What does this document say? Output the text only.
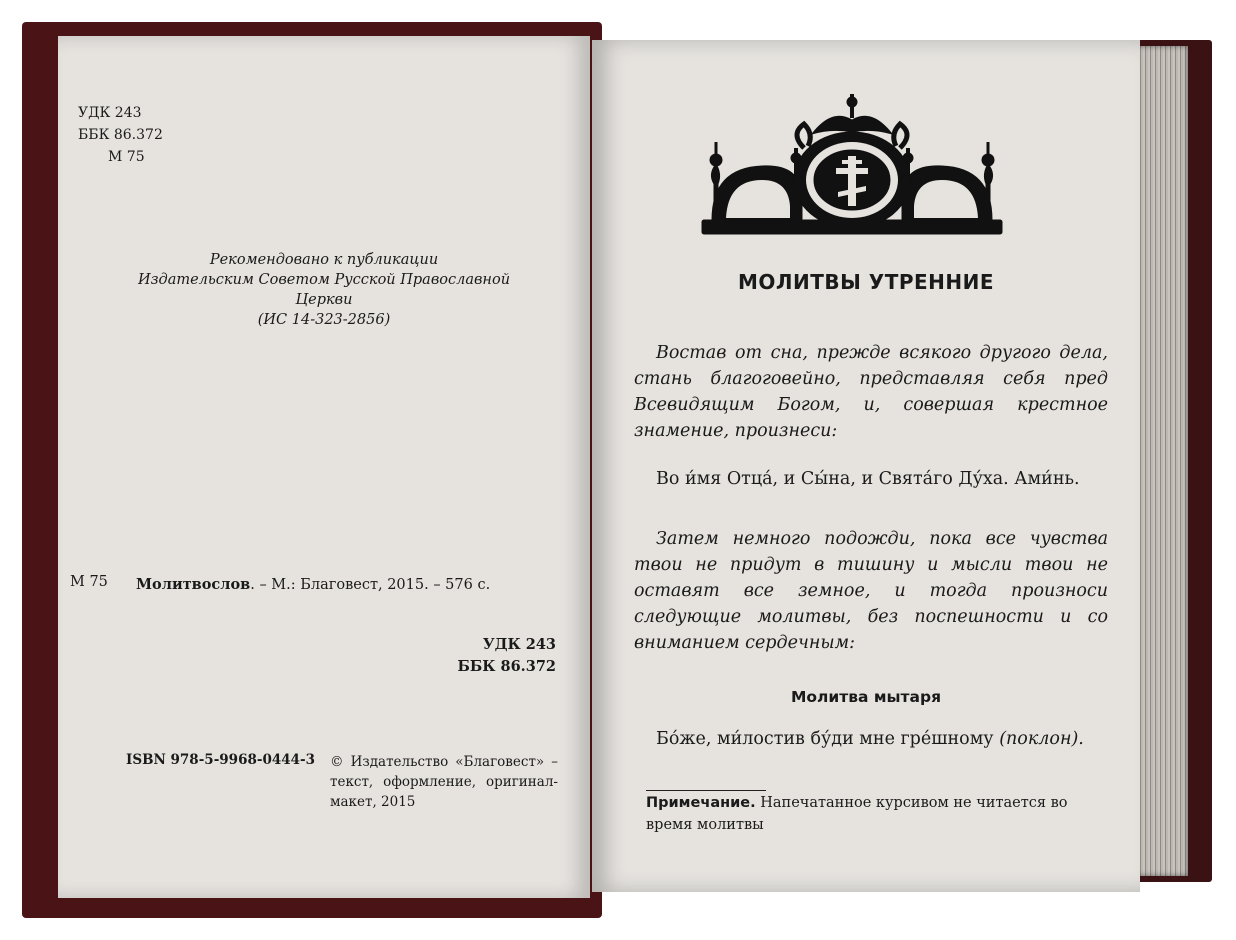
УДК 243
ББК 86.372
М 75
Рекомендовано к публикации
Издательским Советом Русской Православной Церкви
(ИС 14-323-2856)
М 75 Молитвослов. – М.: Благовест, 2015. – 576 с.
УДК 243
ББК 86.372
ISBN 978-5-9968-0444-3 © Издательство «Благовест» – текст, оформление, оригинал-макет, 2015
МОЛИТВЫ УТРЕННИЕ
Востав от сна, прежде всякого другого дела, стань благоговейно, представляя себя пред Всевидящим Богом, и, совершая крестное знамение, произнеси:
Во и́мя Отца́, и Сы́на, и Свята́го Ду́ха. Ами́нь.
Затем немного подожди, пока все чувства твои не придут в тишину и мысли твои не оставят все земное, и тогда произноси следующие молитвы, без поспешности и со вниманием сердечным:
Молитва мытаря
Бо́же, ми́лостив бу́ди мне гре́шному (поклон).
Примечание. Напечатанное курсивом не читается во время молитвы
